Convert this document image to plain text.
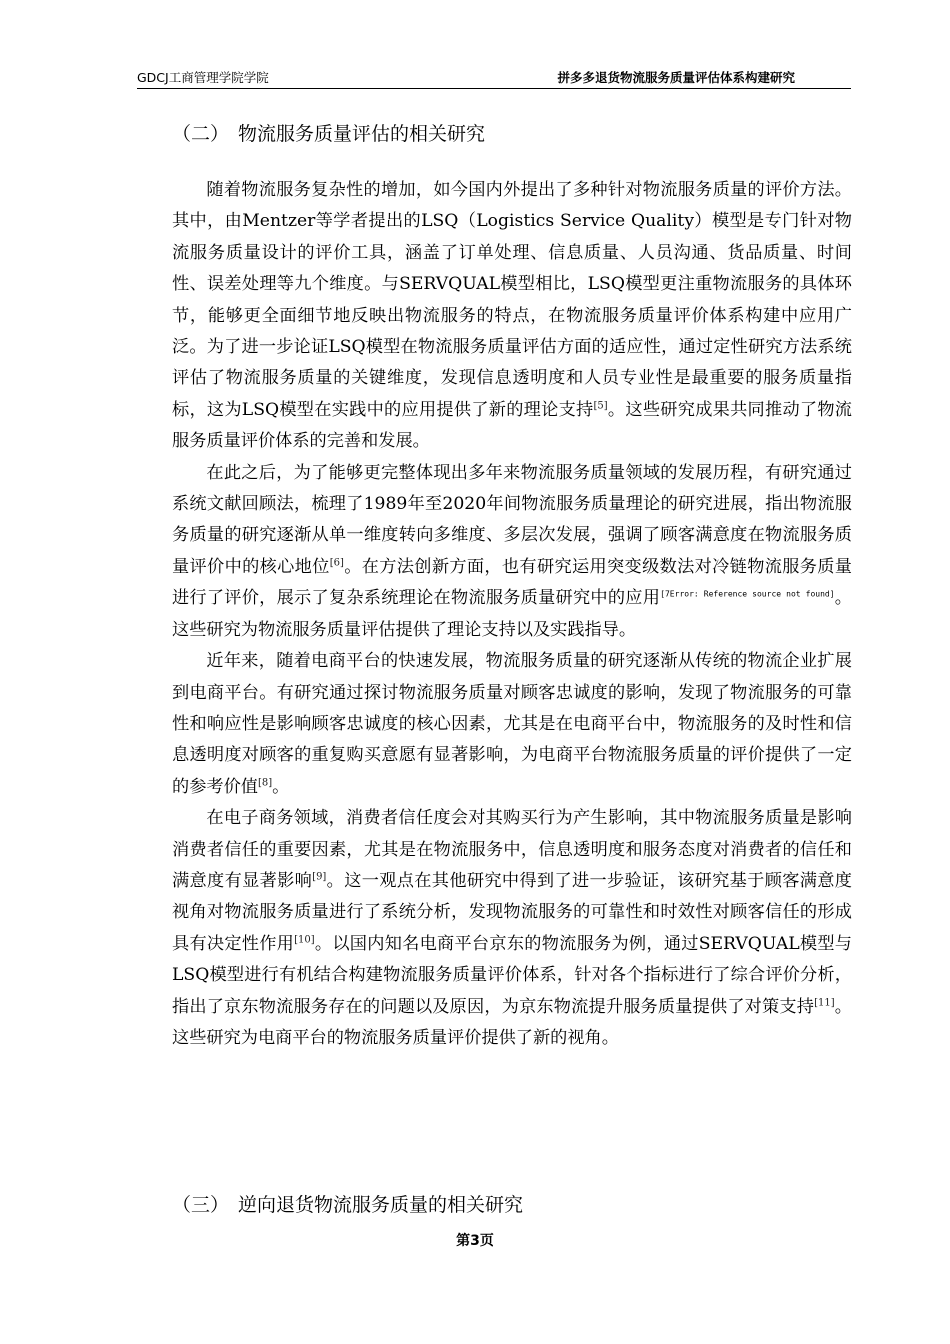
GDCJ工商管理学院学院	拼多多退货物流服务质量评估体系构建研究
（二） 物流服务质量评估的相关研究

随着物流服务复杂性的增加，如今国内外提出了多种针对物流服务质量的评价方法。其中，由Mentzer等学者提出的LSQ（Logistics Service Quality）模型是专门针对物流服务质量设计的评价工具，涵盖了订单处理、信息质量、人员沟通、货品质量、时间性、误差处理等九个维度。与SERVQUAL模型相比，LSQ模型更注重物流服务的具体环节，能够更全面细节地反映出物流服务的特点，在物流服务质量评价体系构建中应用广泛。为了进一步论证LSQ模型在物流服务质量评估方面的适应性，通过定性研究方法系统评估了物流服务质量的关键维度，发现信息透明度和人员专业性是最重要的服务质量指标，这为LSQ模型在实践中的应用提供了新的理论支持[5]。这些研究成果共同推动了物流服务质量评价体系的完善和发展。

在此之后，为了能够更完整体现出多年来物流服务质量领域的发展历程，有研究通过系统文献回顾法，梳理了1989年至2020年间物流服务质量理论的研究进展，指出物流服务质量的研究逐渐从单一维度转向多维度、多层次发展，强调了顾客满意度在物流服务质量评价中的核心地位[6]。在方法创新方面，也有研究运用突变级数法对冷链物流服务质量进行了评价，展示了复杂系统理论在物流服务质量研究中的应用[7Error: Reference source not found]。这些研究为物流服务质量评估提供了理论支持以及实践指导。

近年来，随着电商平台的快速发展，物流服务质量的研究逐渐从传统的物流企业扩展到电商平台。有研究通过探讨物流服务质量对顾客忠诚度的影响，发现了物流服务的可靠性和响应性是影响顾客忠诚度的核心因素，尤其是在电商平台中，物流服务的及时性和信息透明度对顾客的重复购买意愿有显著影响，为电商平台物流服务质量的评价提供了一定的参考价值[8]。

在电子商务领域，消费者信任度会对其购买行为产生影响，其中物流服务质量是影响消费者信任的重要因素，尤其是在物流服务中，信息透明度和服务态度对消费者的信任和满意度有显著影响[9]。这一观点在其他研究中得到了进一步验证，该研究基于顾客满意度视角对物流服务质量进行了系统分析，发现物流服务的可靠性和时效性对顾客信任的形成具有决定性作用[10]。以国内知名电商平台京东的物流服务为例，通过SERVQUAL模型与LSQ模型进行有机结合构建物流服务质量评价体系，针对各个指标进行了综合评价分析，指出了京东物流服务存在的问题以及原因，为京东物流提升服务质量提供了对策支持[11]。这些研究为电商平台的物流服务质量评价提供了新的视角。

（三） 逆向退货物流服务质量的相关研究
第3页
